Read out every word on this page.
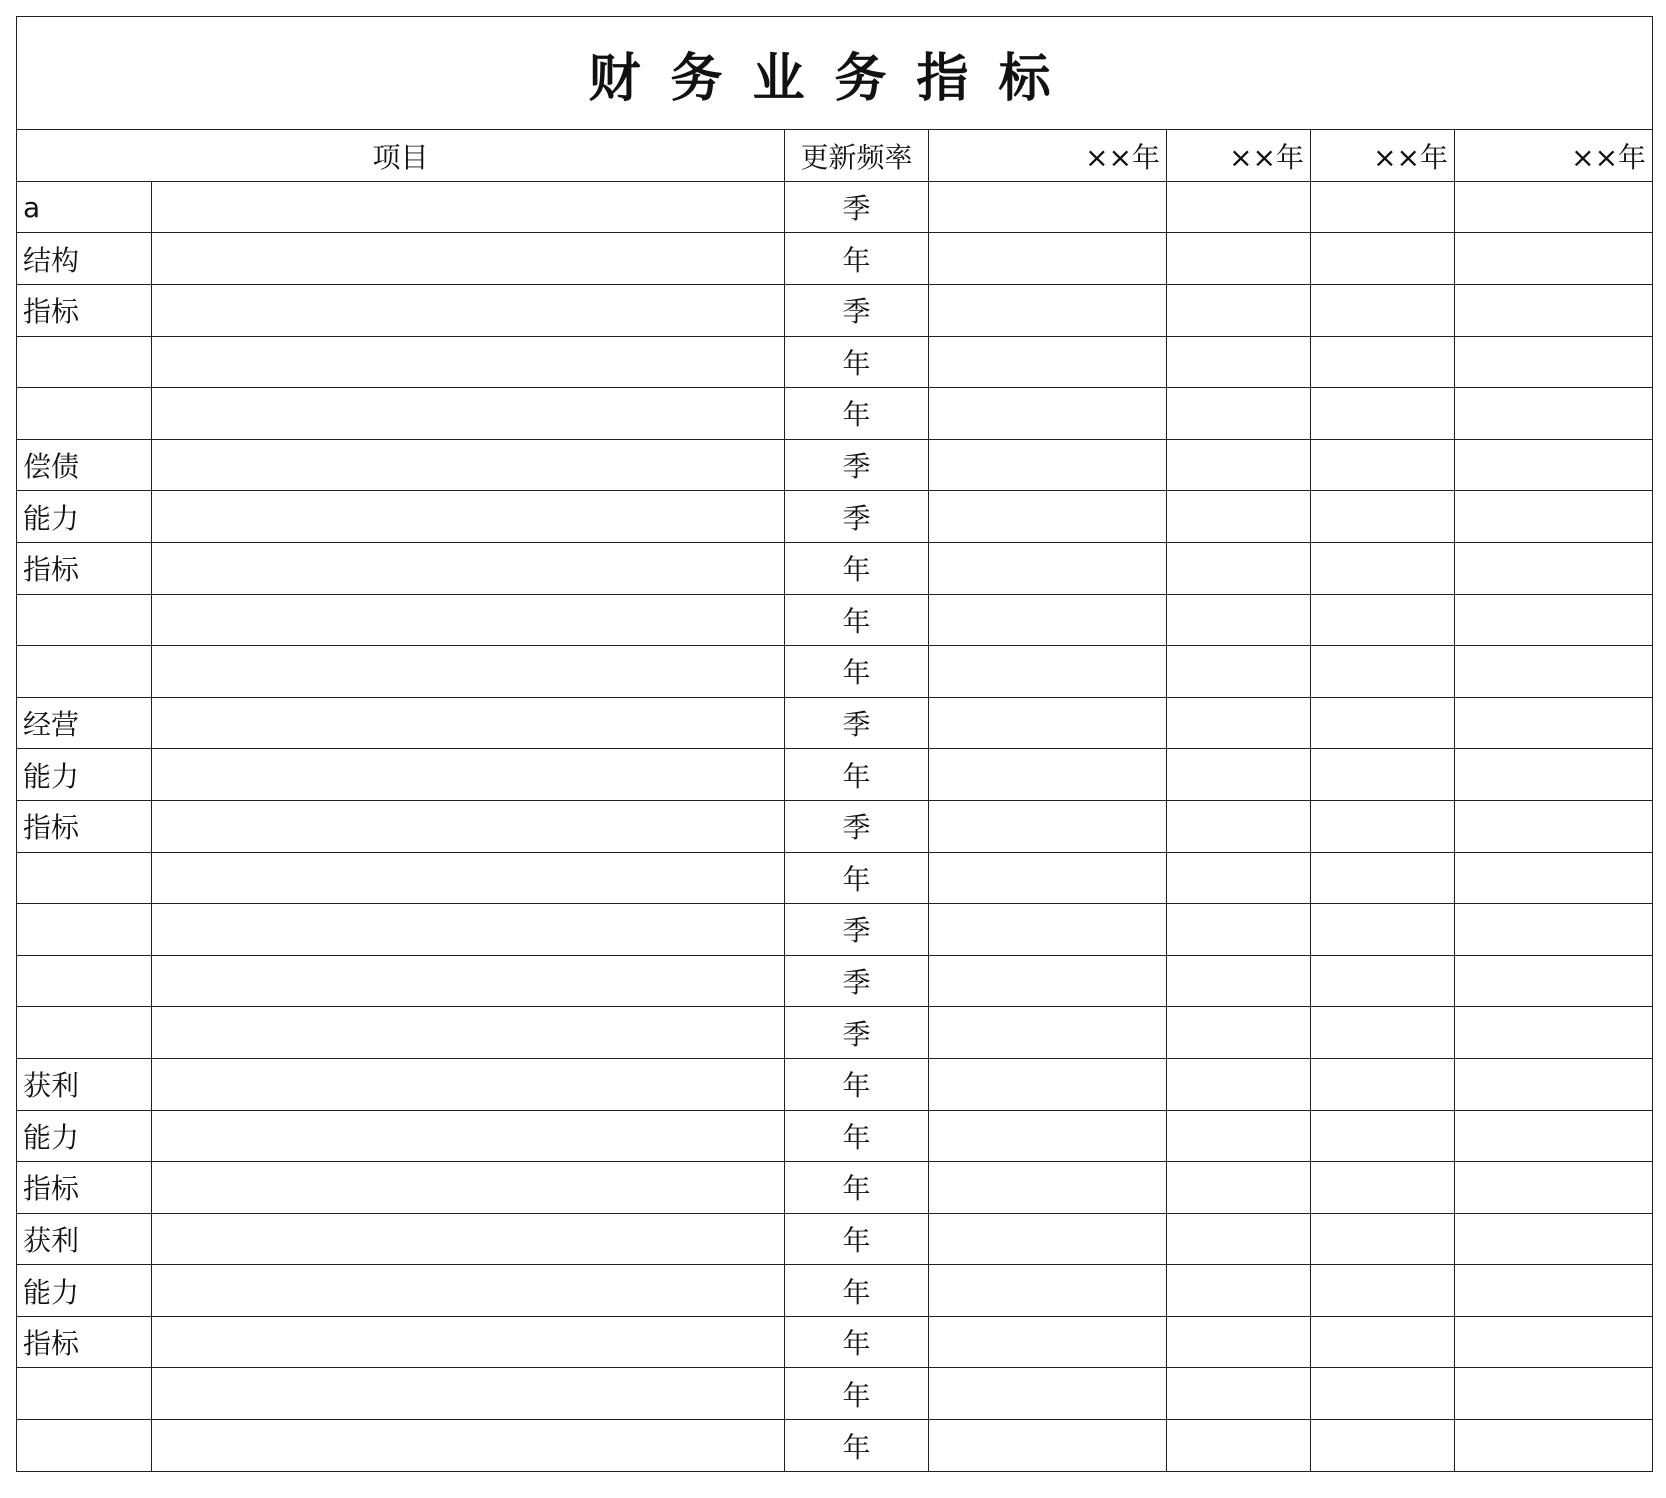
财务业务指标						
项目		更新频率	××年	××年	××年	××年
a		季				
结构		年				
指标		季				
		年				
		年				
偿债		季				
能力		季				
指标		年				
		年				
		年				
经营		季				
能力		年				
指标		季				
		年				
		季				
		季				
		季				
获利		年				
能力		年				
指标		年				
获利		年				
能力		年				
指标		年				
		年				
		年				
